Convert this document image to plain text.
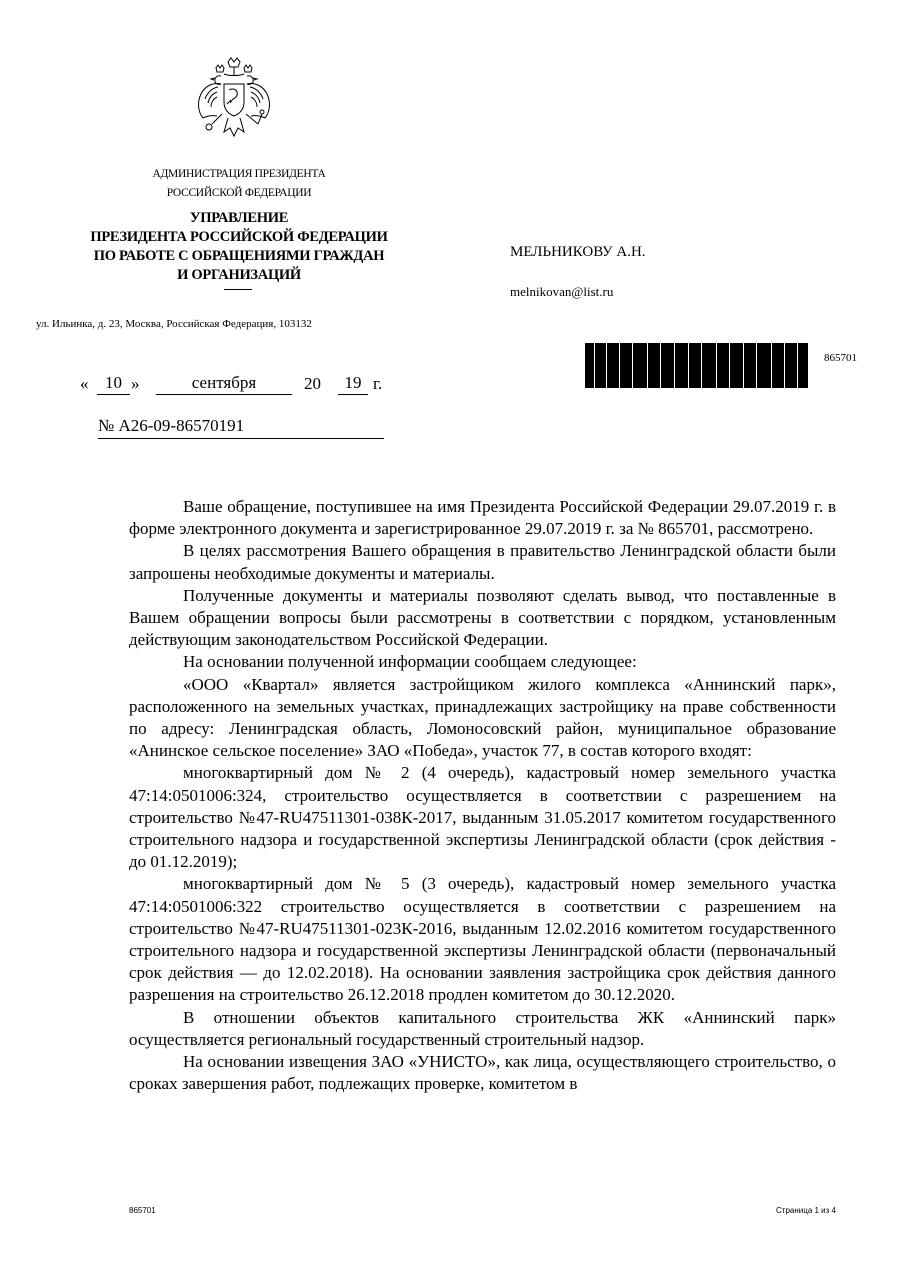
АДМИНИСТРАЦИЯ ПРЕЗИДЕНТА
РОССИЙСКОЙ ФЕДЕРАЦИИ
УПРАВЛЕНИЕ
ПРЕЗИДЕНТА РОССИЙСКОЙ ФЕДЕРАЦИИ
ПО РАБОТЕ С ОБРАЩЕНИЯМИ ГРАЖДАН
И ОРГАНИЗАЦИЙ
ул. Ильинка, д. 23, Москва, Российская Федерация, 103132
МЕЛЬНИКОВУ А.Н.
melnikovan@list.ru
865701
« 10 »	сентября	20	19 г.
№ А26-09-86570191

Ваше обращение, поступившее на имя Президента Российской Федерации 29.07.2019 г. в форме электронного документа и зарегистрированное 29.07.2019 г. за № 865701, рассмотрено.

В целях рассмотрения Вашего обращения в правительство Ленинградской области были запрошены необходимые документы и материалы.

Полученные документы и материалы позволяют сделать вывод, что поставленные в Вашем обращении вопросы были рассмотрены в соответствии с порядком, установленным действующим законодательством Российской Федерации.

На основании полученной информации сообщаем следующее:

«ООО «Квартал» является застройщиком жилого комплекса «Аннинский парк», расположенного на земельных участках, принадлежащих застройщику на праве собственности по адресу: Ленинградская область, Ломоносовский район, муниципальное образование «Анинское сельское поселение» ЗАО «Победа», участок 77, в состав которого входят:

многоквартирный дом № 2 (4 очередь), кадастровый номер земельного участка 47:14:0501006:324, строительство осуществляется в соответствии с разрешением на строительство №47-RU47511301-038К-2017, выданным 31.05.2017 комитетом государственного строительного надзора и государственной экспертизы Ленинградской области (срок действия - до 01.12.2019);

многоквартирный дом № 5 (3 очередь), кадастровый номер земельного участка 47:14:0501006:322 строительство осуществляется в соответствии с разрешением на строительство №47-RU47511301-023К-2016, выданным 12.02.2016 комитетом государственного строительного надзора и государственной экспертизы Ленинградской области (первоначальный срок действия — до 12.02.2018). На основании заявления застройщика срок действия данного разрешения на строительство 26.12.2018 продлен комитетом до 30.12.2020.

В отношении объектов капитального строительства ЖК «Аннинский парк» осуществляется региональный государственный строительный надзор.

На основании извещения ЗАО «УНИСТО», как лица, осуществляющего строительство, о сроках завершения работ, подлежащих проверке, комитетом в

865701	Страница 1 из 4
